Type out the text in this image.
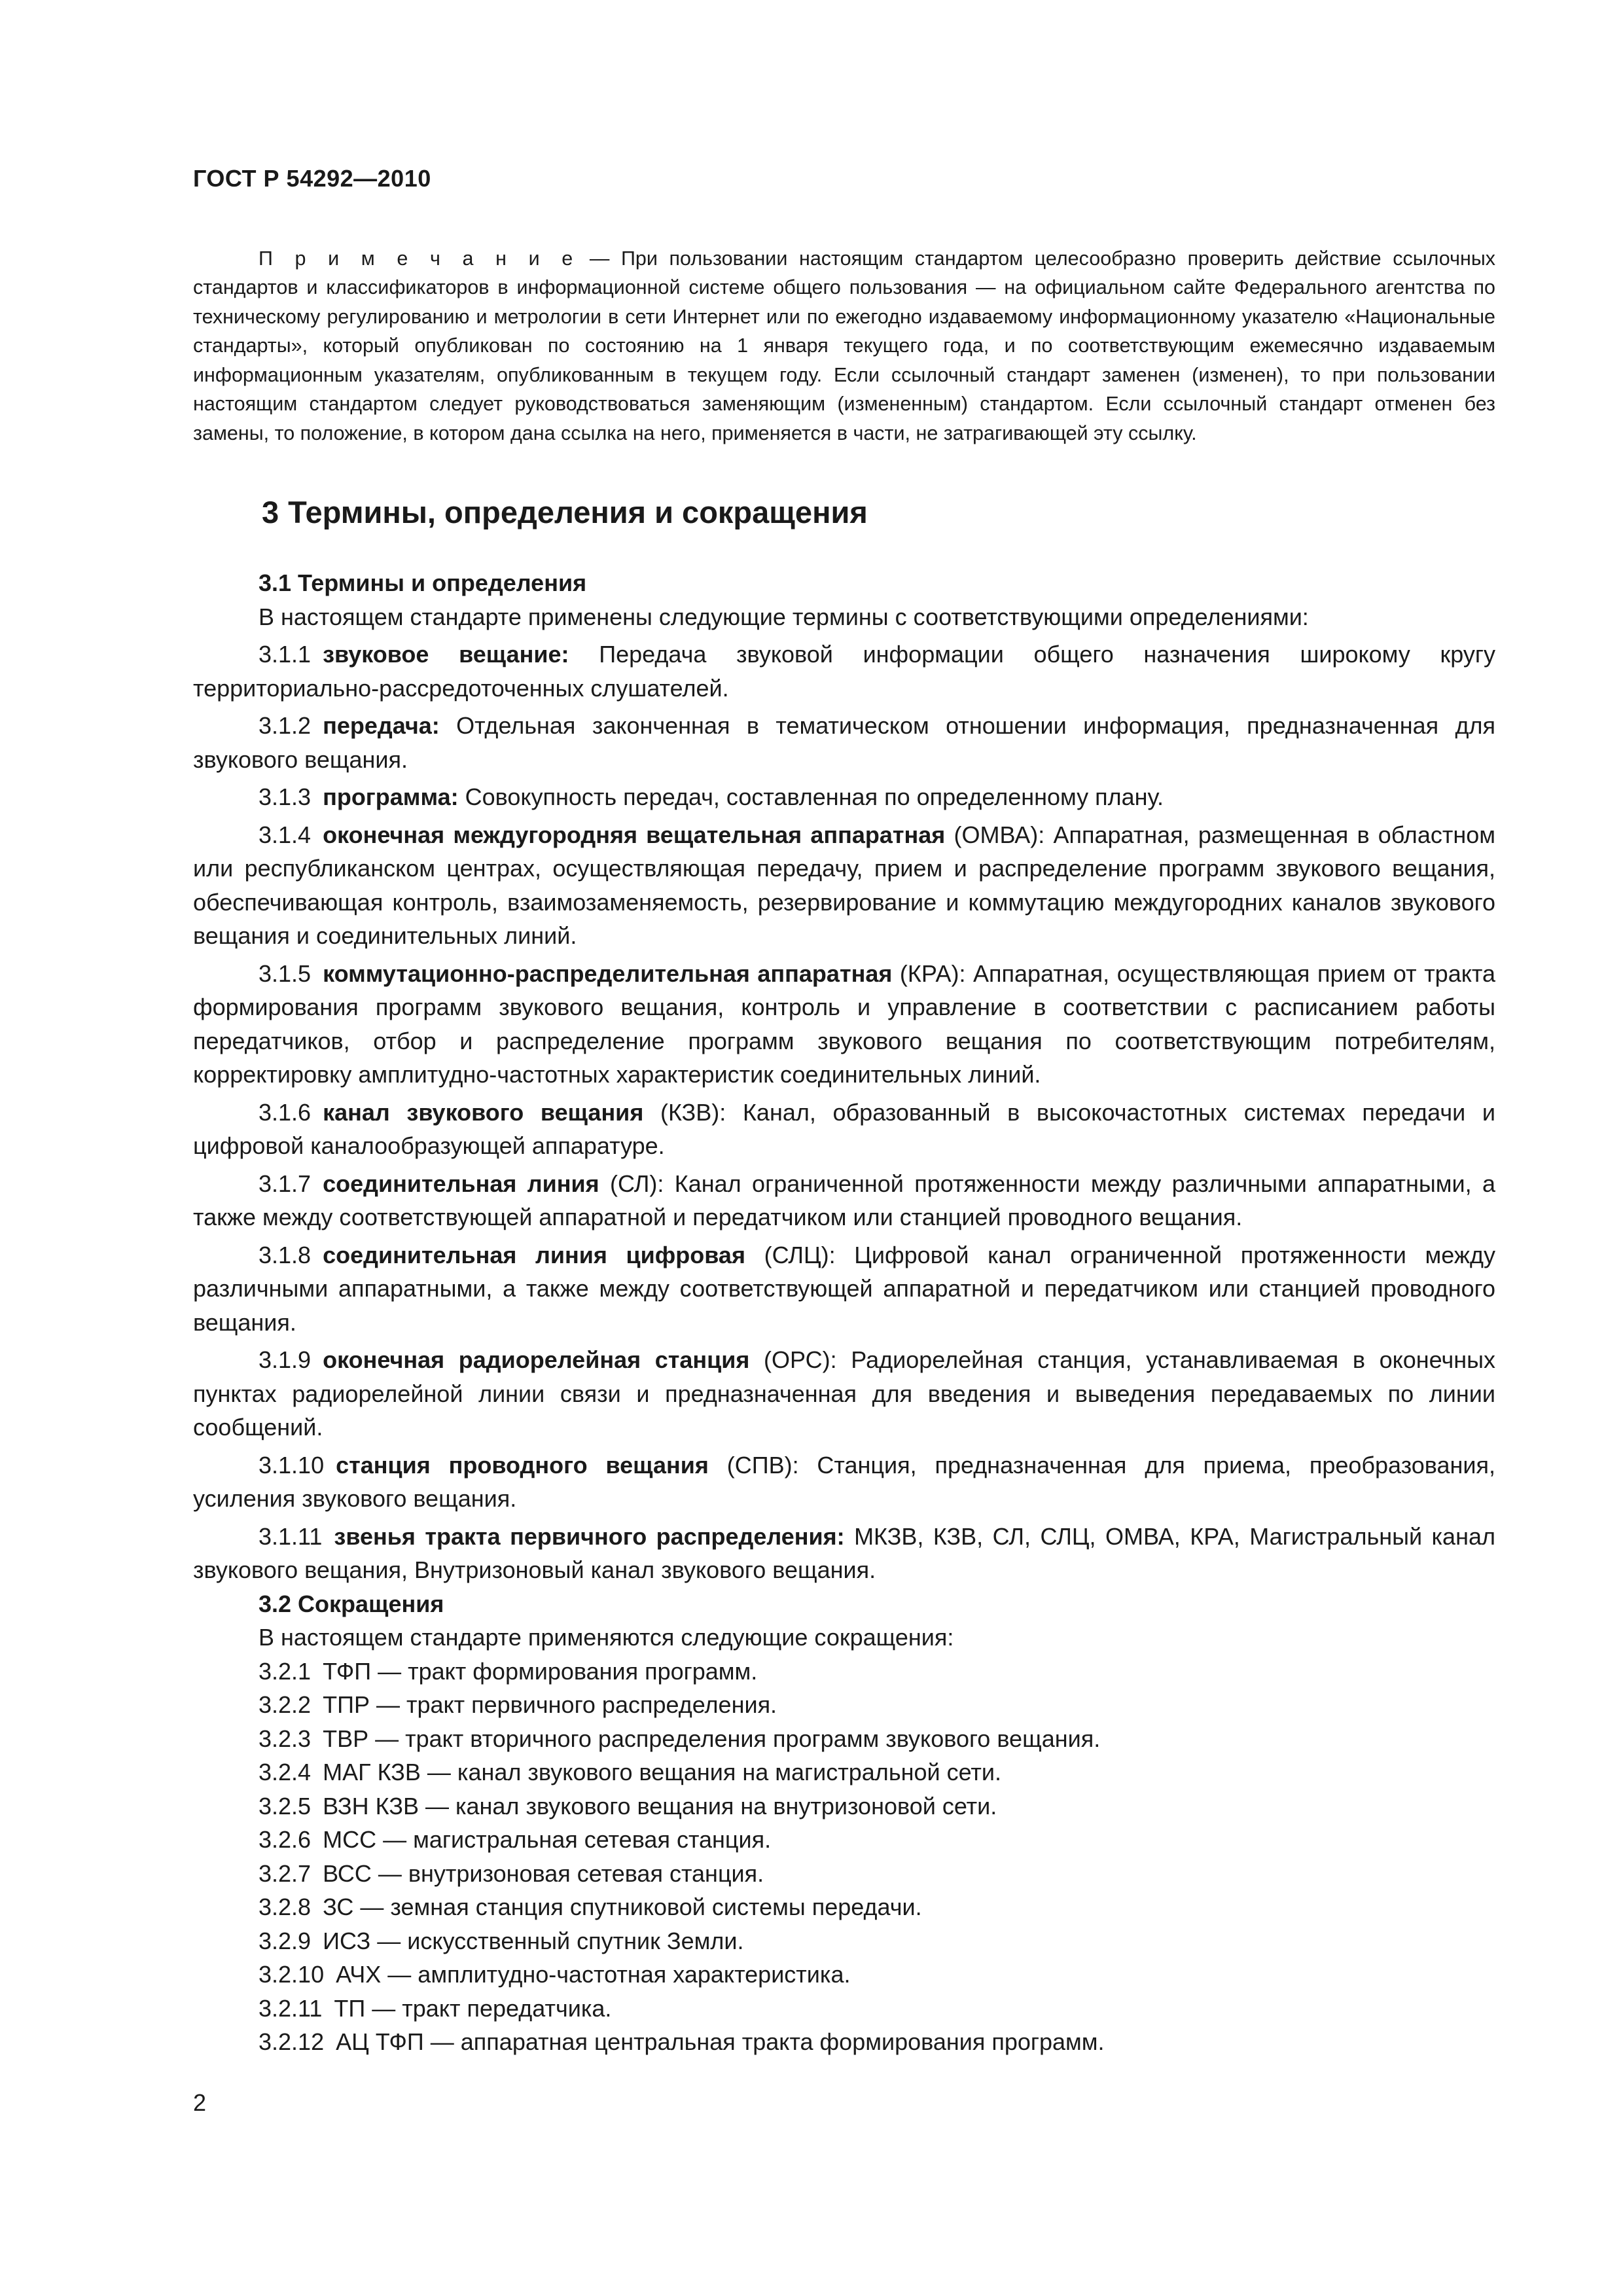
ГОСТ Р 54292—2010

П р и м е ч а н и е — При пользовании настоящим стандартом целесообразно проверить действие ссылочных стандартов и классификаторов в информационной системе общего пользования — на официальном сайте Федерального агентства по техническому регулированию и метрологии в сети Интернет или по ежегодно издаваемому информационному указателю «Национальные стандарты», который опубликован по состоянию на 1 января текущего года, и по соответствующим ежемесячно издаваемым информационным указателям, опубликованным в текущем году. Если ссылочный стандарт заменен (изменен), то при пользовании настоящим стандартом следует руководствоваться заменяющим (измененным) стандартом. Если ссылочный стандарт отменен без замены, то положение, в котором дана ссылка на него, применяется в части, не затрагивающей эту ссылку.

3 Термины, определения и сокращения

3.1 Термины и определения

В настоящем стандарте применены следующие термины с соответствующими определениями:

3.1.1 звуковое вещание: Передача звуковой информации общего назначения широкому кругу территориально-рассредоточенных слушателей.

3.1.2 передача: Отдельная законченная в тематическом отношении информация, предназначенная для звукового вещания.

3.1.3 программа: Совокупность передач, составленная по определенному плану.

3.1.4 оконечная междугородняя вещательная аппаратная (ОМВА): Аппаратная, размещенная в областном или республиканском центрах, осуществляющая передачу, прием и распределение программ звукового вещания, обеспечивающая контроль, взаимозаменяемость, резервирование и коммутацию междугородних каналов звукового вещания и соединительных линий.

3.1.5 коммутационно-распределительная аппаратная (КРА): Аппаратная, осуществляющая прием от тракта формирования программ звукового вещания, контроль и управление в соответствии с расписанием работы передатчиков, отбор и распределение программ звукового вещания по соответствующим потребителям, корректировку амплитудно-частотных характеристик соединительных линий.

3.1.6 канал звукового вещания (КЗВ): Канал, образованный в высокочастотных системах передачи и цифровой каналообразующей аппаратуре.

3.1.7 соединительная линия (СЛ): Канал ограниченной протяженности между различными аппаратными, а также между соответствующей аппаратной и передатчиком или станцией проводного вещания.

3.1.8 соединительная линия цифровая (СЛЦ): Цифровой канал ограниченной протяженности между различными аппаратными, а также между соответствующей аппаратной и передатчиком или станцией проводного вещания.

3.1.9 оконечная радиорелейная станция (ОРС): Радиорелейная станция, устанавливаемая в оконечных пунктах радиорелейной линии связи и предназначенная для введения и выведения передаваемых по линии сообщений.

3.1.10 станция проводного вещания (СПВ): Станция, предназначенная для приема, преобразования, усиления звукового вещания.

3.1.11 звенья тракта первичного распределения: МКЗВ, КЗВ, СЛ, СЛЦ, ОМВА, КРА, Магистральный канал звукового вещания, Внутризоновый канал звукового вещания.

3.2 Сокращения

В настоящем стандарте применяются следующие сокращения:

3.2.1 ТФП — тракт формирования программ.

3.2.2 ТПР — тракт первичного распределения.

3.2.3 ТВР — тракт вторичного распределения программ звукового вещания.

3.2.4 МАГ КЗВ — канал звукового вещания на магистральной сети.

3.2.5 ВЗН КЗВ — канал звукового вещания на внутризоновой сети.

3.2.6 МСС — магистральная сетевая станция.

3.2.7 ВСС — внутризоновая сетевая станция.

3.2.8 ЗС — земная станция спутниковой системы передачи.

3.2.9 ИСЗ — искусственный спутник Земли.

3.2.10 АЧХ — амплитудно-частотная характеристика.

3.2.11 ТП — тракт передатчика.

3.2.12 АЦ ТФП — аппаратная центральная тракта формирования программ.

2
